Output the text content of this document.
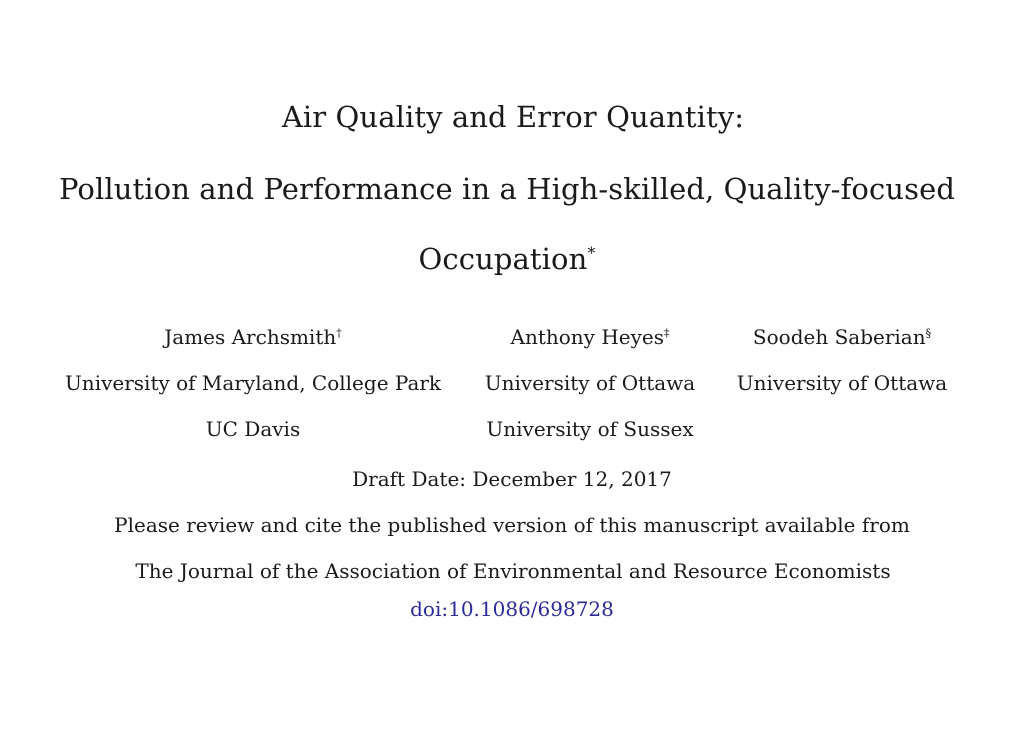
Air Quality and Error Quantity:
Pollution and Performance in a High-skilled, Quality-focused
Occupation*
James Archsmith†
University of Maryland, College Park
UC Davis
Anthony Heyes‡
University of Ottawa
University of Sussex
Soodeh Saberian§
University of Ottawa
Draft Date: December 12, 2017
Please review and cite the published version of this manuscript available from
The Journal of the Association of Environmental and Resource Economists
doi:10.1086/698728
